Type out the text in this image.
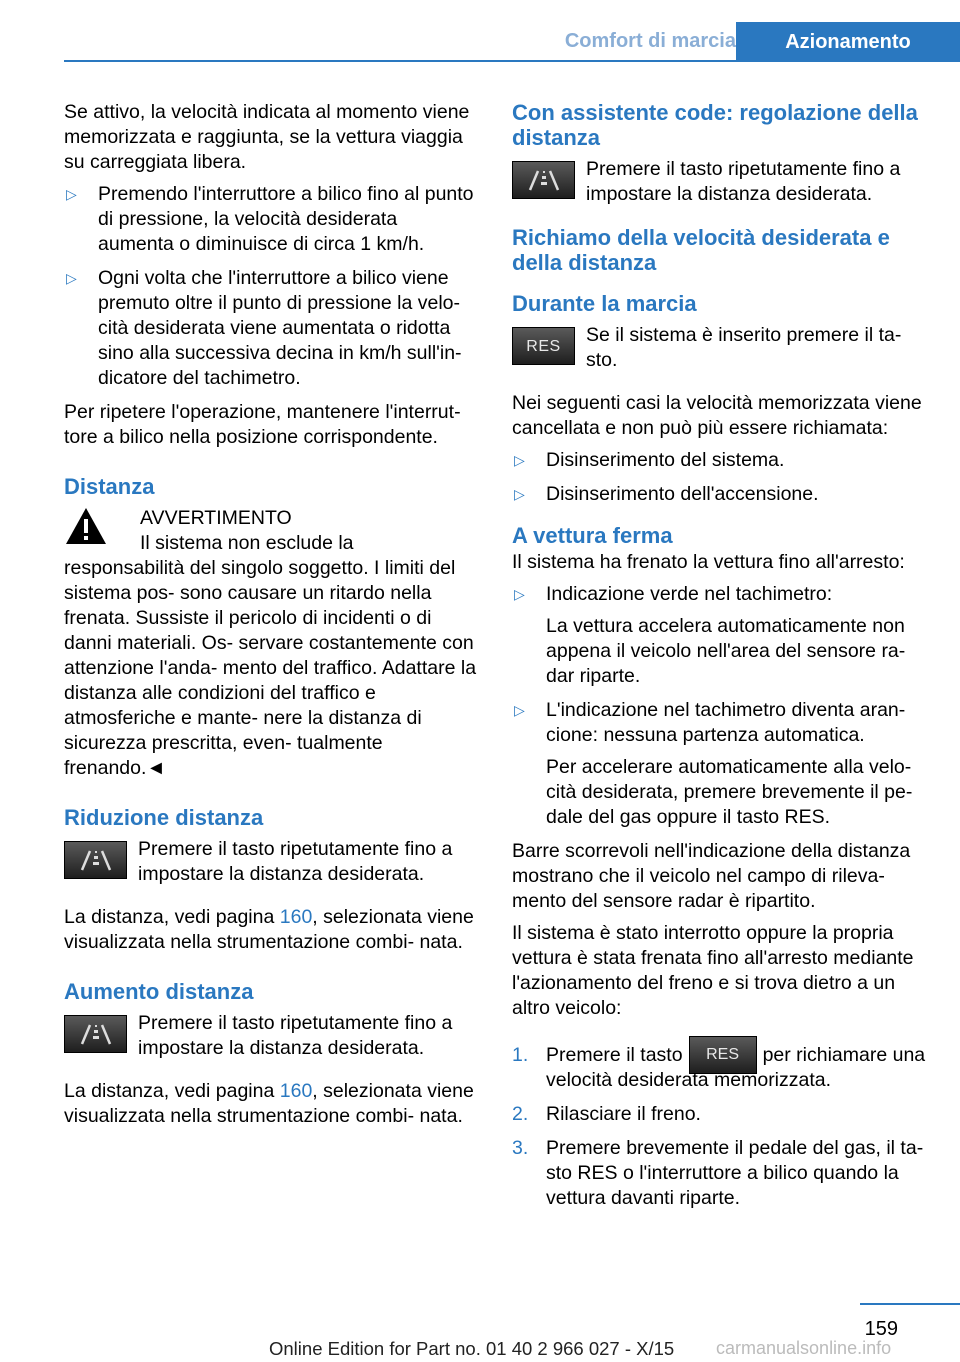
Comfort di marcia	Azionamento

Se attivo, la velocità indicata al momento viene memorizzata e raggiunta, se la vettura viaggia su carreggiata libera.

▷ Premendo l'interruttore a bilico fino al punto di pressione, la velocità desiderata aumenta o diminuisce di circa 1 km/h.
▷ Ogni volta che l'interruttore a bilico viene premuto oltre il punto di pressione la velo- cità desiderata viene aumentata o ridotta sino alla successiva decina in km/h sull'in- dicatore del tachimetro.

Per ripetere l'operazione, mantenere l'interrut- tore a bilico nella posizione corrispondente.

Distanza
AVVERTIMENTO

Il sistema non esclude la responsabilità del singolo soggetto. I limiti del sistema pos- sono causare un ritardo nella frenata. Sussiste il pericolo di incidenti o di danni materiali. Os- servare costantemente con attenzione l'anda- mento del traffico. Adattare la distanza alle condizioni del traffico e atmosferiche e mante- nere la distanza di sicurezza prescritta, even- tualmente frenando.◄

Riduzione distanza
Premere il tasto ripetutamente fino a impostare la distanza desiderata.

La distanza, vedi pagina 160, selezionata viene visualizzata nella strumentazione combi- nata.

Aumento distanza
Premere il tasto ripetutamente fino a impostare la distanza desiderata.

La distanza, vedi pagina 160, selezionata viene visualizzata nella strumentazione combi- nata.

Con assistente code: regolazione della distanza
Premere il tasto ripetutamente fino a impostare la distanza desiderata.
Richiamo della velocità desiderata e della distanza
Durante la marcia
RES	Se il sistema è inserito premere il ta- sto.

Nei seguenti casi la velocità memorizzata viene cancellata e non può più essere richiamata:

▷ Disinserimento del sistema.
▷ Disinserimento dell'accensione.
A vettura ferma

Il sistema ha frenato la vettura fino all'arresto:

▷ Indicazione verde nel tachimetro:
La vettura accelera automaticamente non appena il veicolo nell'area del sensore ra- dar riparte.
▷ L'indicazione nel tachimetro diventa aran- cione: nessuna partenza automatica.
Per accelerare automaticamente alla velo- cità desiderata, premere brevemente il pe- dale del gas oppure il tasto RES.

Barre scorrevoli nell'indicazione della distanza mostrano che il veicolo nel campo di rileva- mento del sensore radar è ripartito.

Il sistema è stato interrotto oppure la propria vettura è stata frenata fino all'arresto mediante l'azionamento del freno e si trova dietro a un altro veicolo:

1. Premere il tasto RES per richiamare una velocità desiderata memorizzata.
2. Rilasciare il freno.
3. Premere brevemente il pedale del gas, il ta- sto RES o l'interruttore a bilico quando la vettura davanti riparte.
159
Online Edition for Part no. 01 40 2 966 027 - X/15 carmanualsonline.info
